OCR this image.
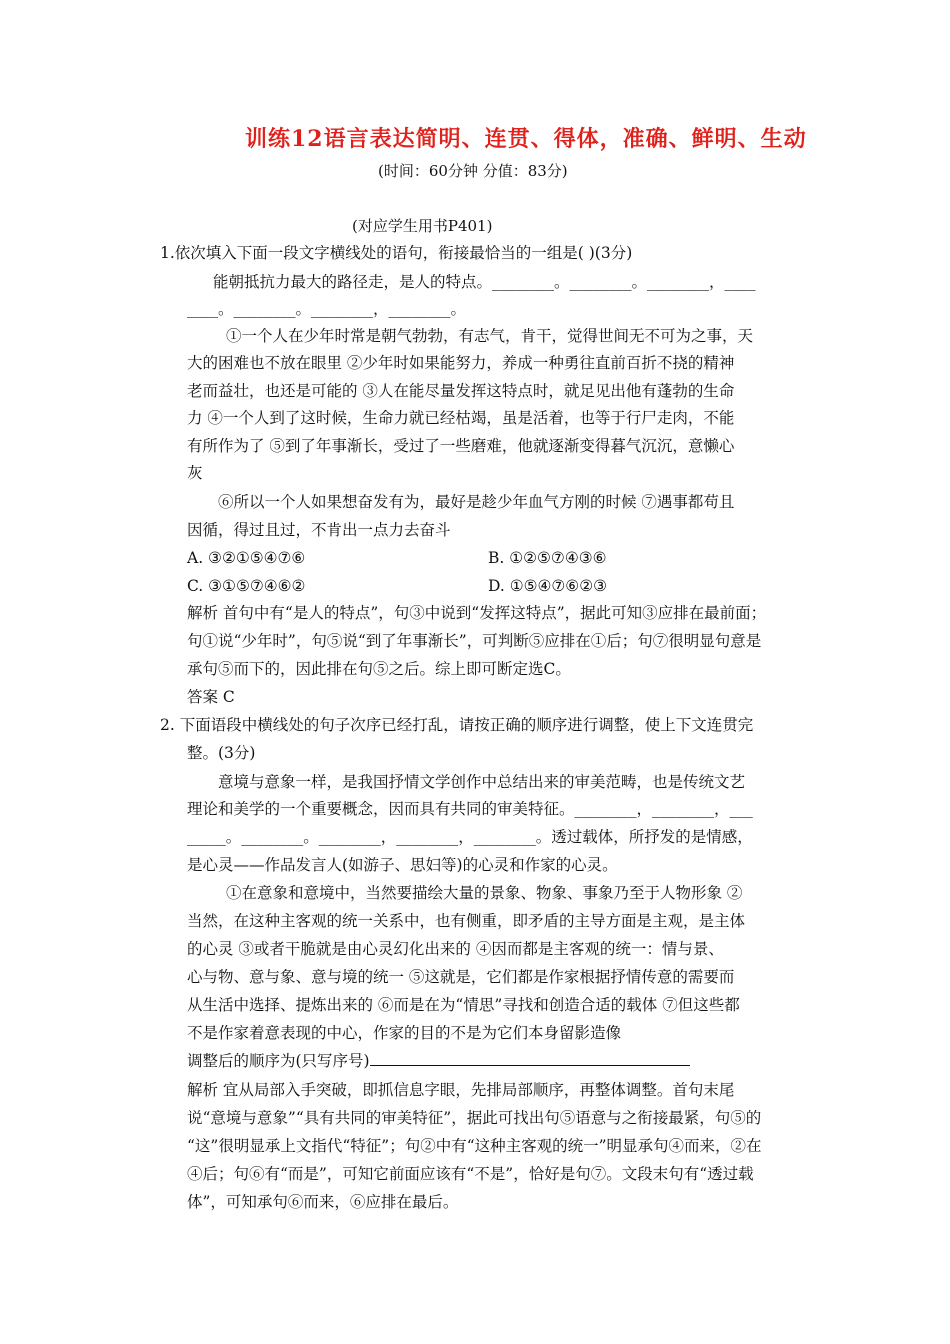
训练12语言表达简明、连贯、得体，准确、鲜明、生动
(时间：60分钟 分值：83分)
(对应学生用书P401)
1.依次填入下面一段文字横线处的语句，衔接最恰当的一组是( )(3分)
能朝抵抗力最大的路径走，是人的特点。________。________。________，____
____。________。________，________。
①一个人在少年时常是朝气勃勃，有志气，肯干，觉得世间无不可为之事，天
大的困难也不放在眼里 ②少年时如果能努力，养成一种勇往直前百折不挠的精神
老而益壮，也还是可能的 ③人在能尽量发挥这特点时，就足见出他有蓬勃的生命
力 ④一个人到了这时候，生命力就已经枯竭，虽是活着，也等于行尸走肉，不能
有所作为了 ⑤到了年事渐长，受过了一些磨难，他就逐渐变得暮气沉沉，意懒心
灰
⑥所以一个人如果想奋发有为，最好是趁少年血气方刚的时候 ⑦遇事都苟且
因循，得过且过，不肯出一点力去奋斗
A. ③②①⑤④⑦⑥	B. ①②⑤⑦④③⑥
C. ③①⑤⑦④⑥②	D. ①⑤④⑦⑥②③
解析 首句中有“是人的特点”，句③中说到“发挥这特点”，据此可知③应排在最前面；
句①说“少年时”，句⑤说“到了年事渐长”，可判断⑤应排在①后；句⑦很明显句意是
承句⑤而下的，因此排在句⑤之后。综上即可断定选C。
答案 C
2. 下面语段中横线处的句子次序已经打乱，请按正确的顺序进行调整，使上下文连贯完
整。(3分)
意境与意象一样，是我国抒情文学创作中总结出来的审美范畴，也是传统文艺
理论和美学的一个重要概念，因而具有共同的审美特征。________，________，___
_____。________。________，________，________。透过载体，所抒发的是情感，
是心灵——作品发言人(如游子、思妇等)的心灵和作家的心灵。
①在意象和意境中，当然要描绘大量的景象、物象、事象乃至于人物形象 ②
当然，在这种主客观的统一关系中，也有侧重，即矛盾的主导方面是主观，是主体
的心灵 ③或者干脆就是由心灵幻化出来的 ④因而都是主客观的统一：情与景、
心与物、意与象、意与境的统一 ⑤这就是，它们都是作家根据抒情传意的需要而
从生活中选择、提炼出来的 ⑥而是在为“情思”寻找和创造合适的载体 ⑦但这些都
不是作家着意表现的中心，作家的目的不是为它们本身留影造像
调整后的顺序为(只写序号)
解析 宜从局部入手突破，即抓信息字眼，先排局部顺序，再整体调整。首句末尾
说“意境与意象”“具有共同的审美特征”，据此可找出句⑤语意与之衔接最紧，句⑤的
“这”很明显承上文指代“特征”；句②中有“这种主客观的统一”明显承句④而来，②在
④后；句⑥有“而是”，可知它前面应该有“不是”，恰好是句⑦。文段末句有“透过载
体”，可知承句⑥而来，⑥应排在最后。
